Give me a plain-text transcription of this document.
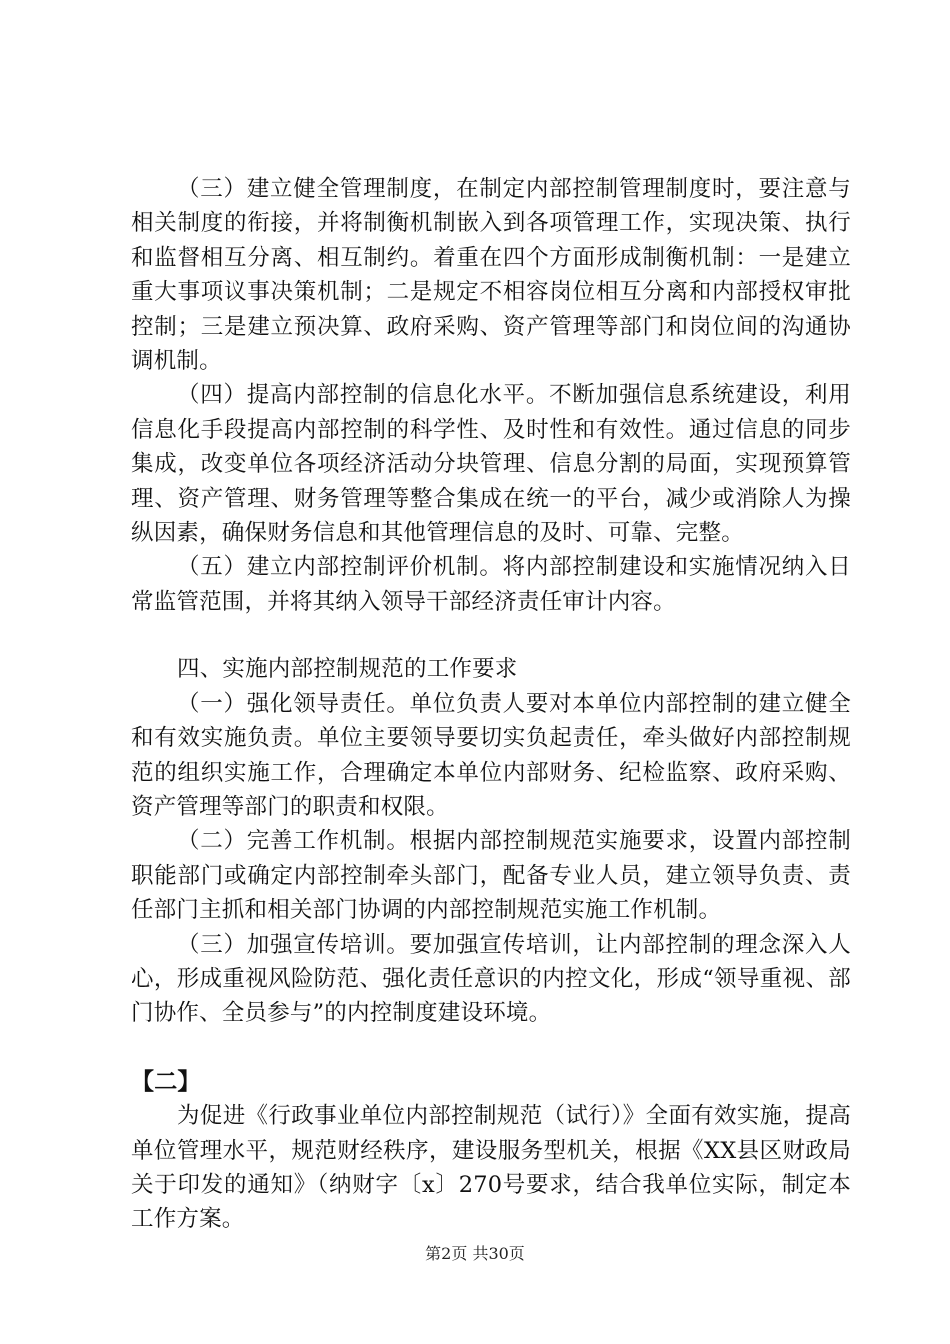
（三）建立健全管理制度，在制定内部控制管理制度时，要注意与相关制度的衔接，并将制衡机制嵌入到各项管理工作，实现决策、执行和监督相互分离、相互制约。着重在四个方面形成制衡机制：一是建立重大事项议事决策机制；二是规定不相容岗位相互分离和内部授权审批控制；三是建立预决算、政府采购、资产管理等部门和岗位间的沟通协调机制。

（四）提高内部控制的信息化水平。不断加强信息系统建设，利用信息化手段提高内部控制的科学性、及时性和有效性。通过信息的同步集成，改变单位各项经济活动分块管理、信息分割的局面，实现预算管理、资产管理、财务管理等整合集成在统一的平台，减少或消除人为操纵因素，确保财务信息和其他管理信息的及时、可靠、完整。

（五）建立内部控制评价机制。将内部控制建设和实施情况纳入日常监管范围，并将其纳入领导干部经济责任审计内容。

四、实施内部控制规范的工作要求

（一）强化领导责任。单位负责人要对本单位内部控制的建立健全和有效实施负责。单位主要领导要切实负起责任，牵头做好内部控制规范的组织实施工作，合理确定本单位内部财务、纪检监察、政府采购、资产管理等部门的职责和权限。

（二）完善工作机制。根据内部控制规范实施要求，设置内部控制职能部门或确定内部控制牵头部门，配备专业人员，建立领导负责、责任部门主抓和相关部门协调的内部控制规范实施工作机制。

（三）加强宣传培训。要加强宣传培训，让内部控制的理念深入人心，形成重视风险防范、强化责任意识的内控文化，形成“领导重视、部门协作、全员参与”的内控制度建设环境。

【二】

为促进《行政事业单位内部控制规范（试行）》全面有效实施，提高单位管理水平，规范财经秩序，建设服务型机关，根据《XX县区财政局关于印发的通知》（纳财字〔x〕270号要求，结合我单位实际，制定本工作方案。

第2页 共30页
